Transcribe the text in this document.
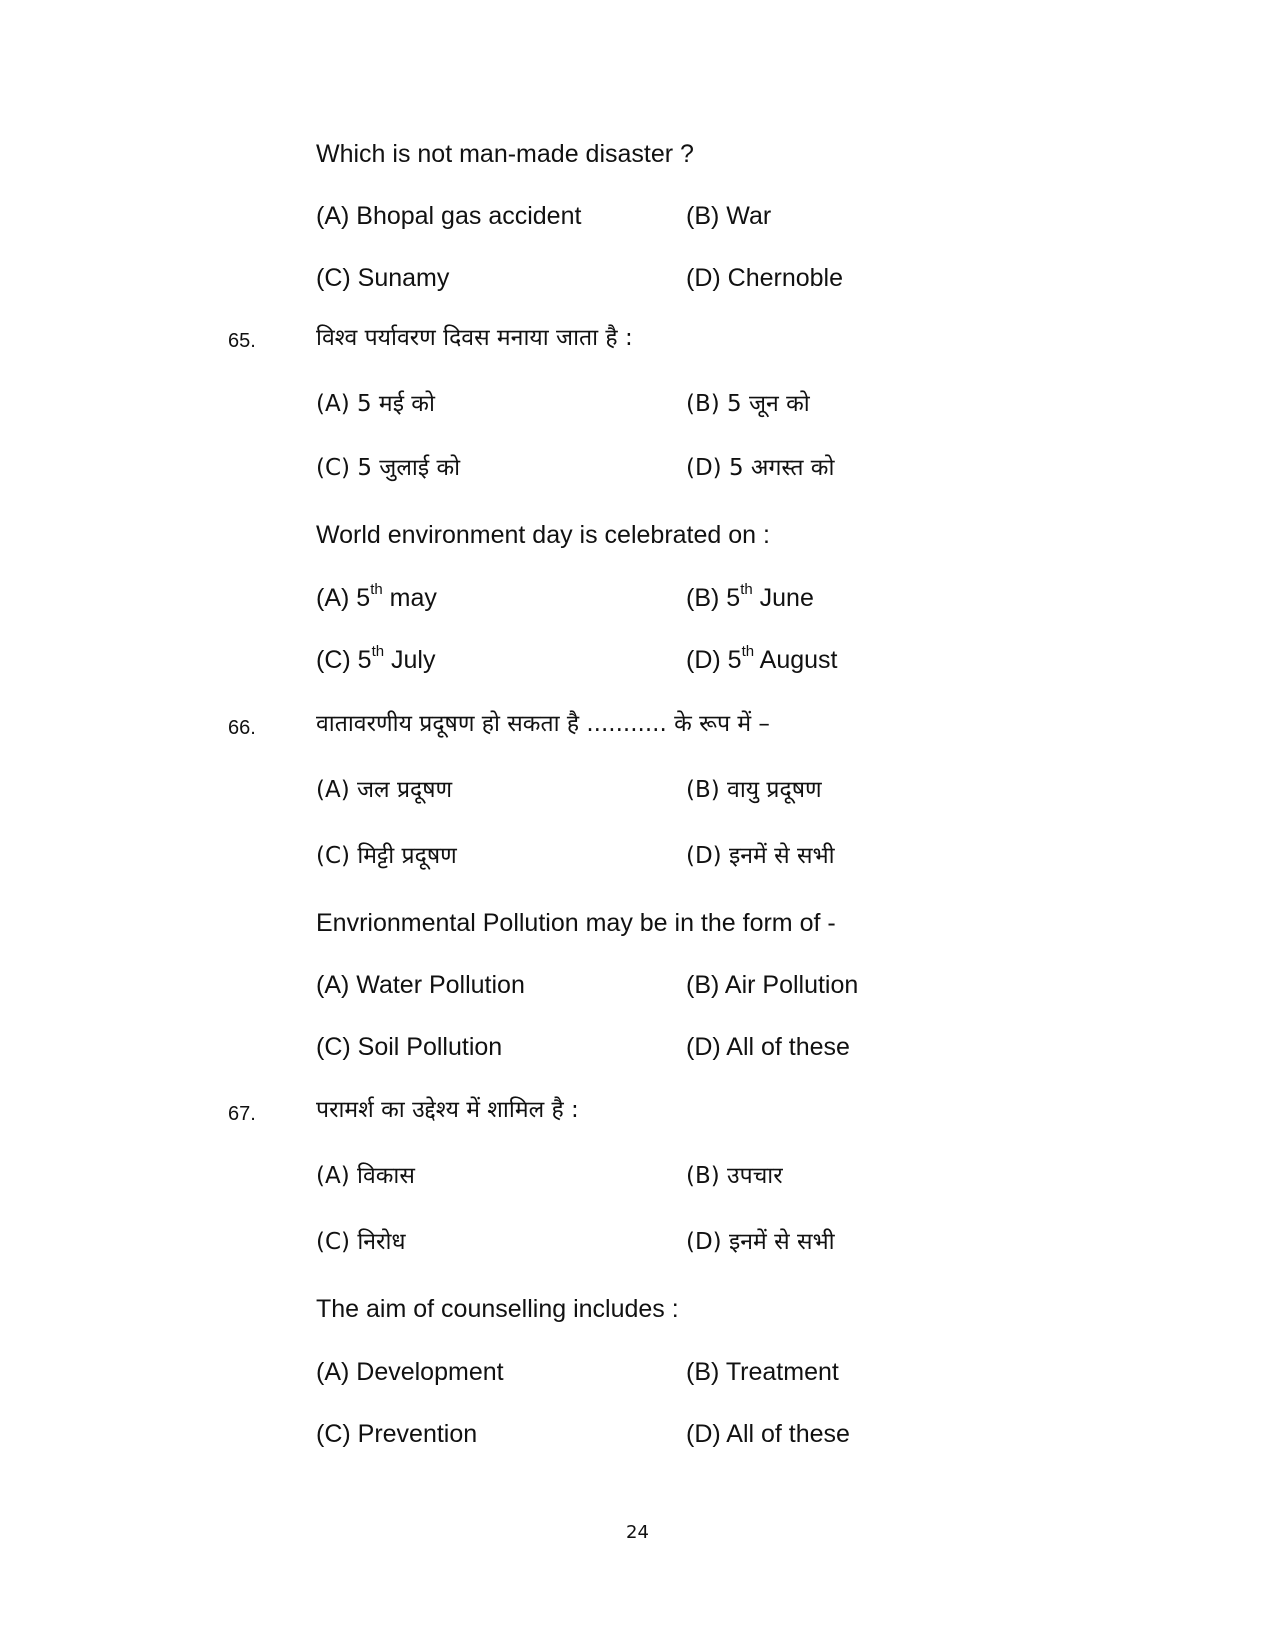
Which is not man-made disaster ?
(A) Bhopal gas accident	(B) War
(C) Sunamy	(D) Chernoble
65.	विश्व पर्यावरण दिवस मनाया जाता है :
(A) 5 मई को	(B) 5 जून को
(C) 5 जुलाई को	(D) 5 अगस्त को
World environment day is celebrated on :
(A) 5th may	(B) 5th June
(C) 5th July	(D) 5th August
66.	वातावरणीय प्रदूषण हो सकता है ........... के रूप में –
(A) जल प्रदूषण	(B) वायु प्रदूषण
(C) मिट्टी प्रदूषण	(D) इनमें से सभी
Envrionmental Pollution may be in the form of -
(A) Water Pollution	(B) Air Pollution
(C) Soil Pollution	(D) All of these
67.	परामर्श का उद्देश्य में शामिल है :
(A) विकास	(B) उपचार
(C) निरोध	(D) इनमें से सभी
The aim of counselling includes :
(A) Development	(B) Treatment
(C) Prevention	(D) All of these
24
